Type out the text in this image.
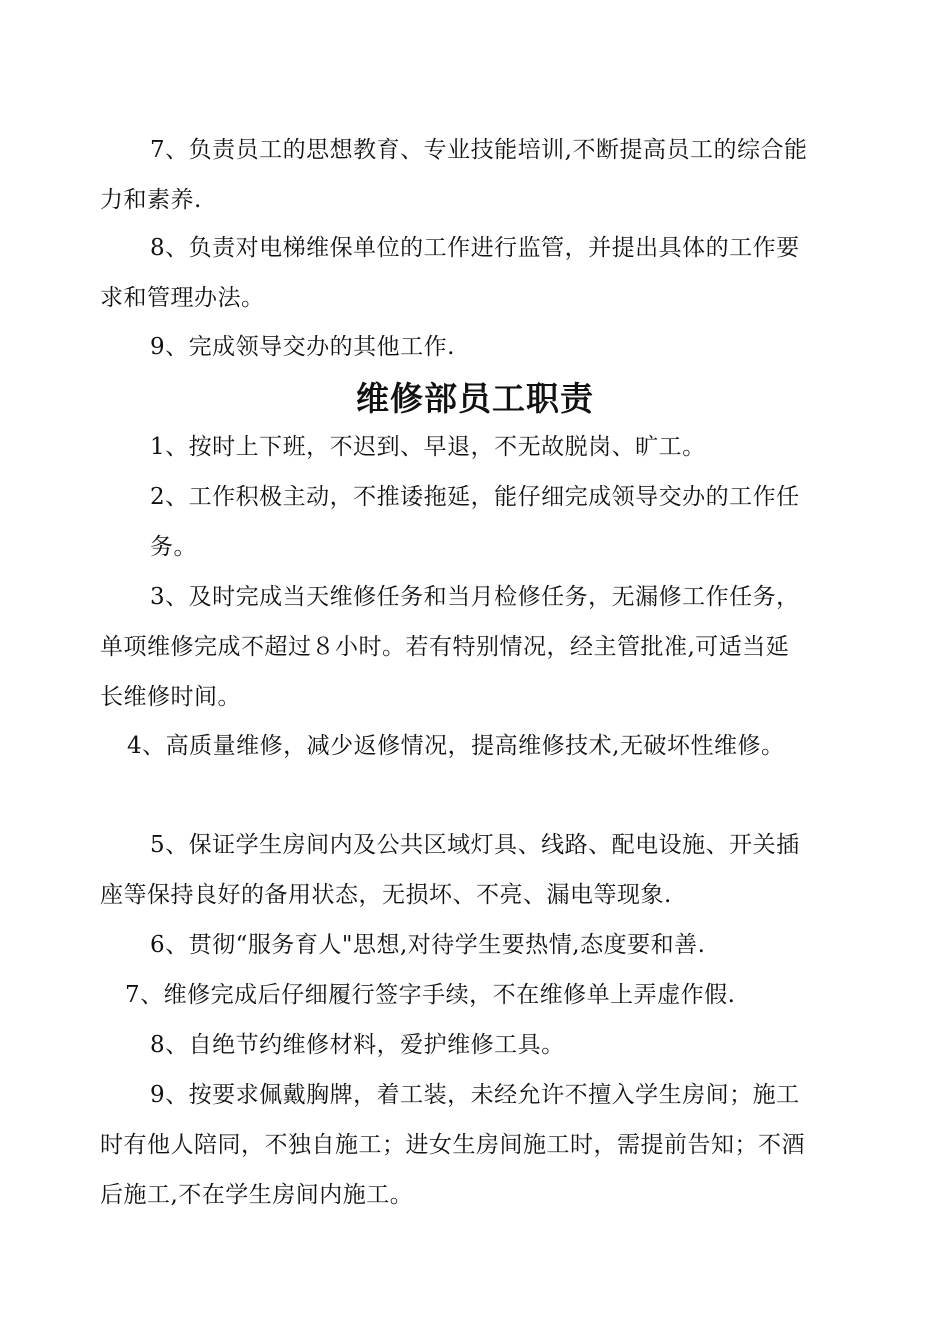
7、负责员工的思想教育、专业技能培训,不断提高员工的综合能力和素养.

8、负责对电梯维保单位的工作进行监管，并提出具体的工作要求和管理办法。

9、完成领导交办的其他工作.

维修部员工职责

1、按时上下班，不迟到、早退，不无故脱岗、旷工。

2、工作积极主动，不推诿拖延，能仔细完成领导交办的工作任务。

3、及时完成当天维修任务和当月检修任务，无漏修工作任务，单项维修完成不超过８小时。若有特别情况，经主管批准,可适当延长维修时间。

4、高质量维修，减少返修情况，提高维修技术,无破坏性维修。

5、保证学生房间内及公共区域灯具、线路、配电设施、开关插座等保持良好的备用状态，无损坏、不亮、漏电等现象.

6、贯彻“服务育人"思想,对待学生要热情,态度要和善.

7、维修完成后仔细履行签字手续，不在维修单上弄虚作假.

8、自绝节约维修材料，爱护维修工具。

9、按要求佩戴胸牌，着工装，未经允许不擅入学生房间；施工时有他人陪同，不独自施工；进女生房间施工时，需提前告知；不酒后施工,不在学生房间内施工。
